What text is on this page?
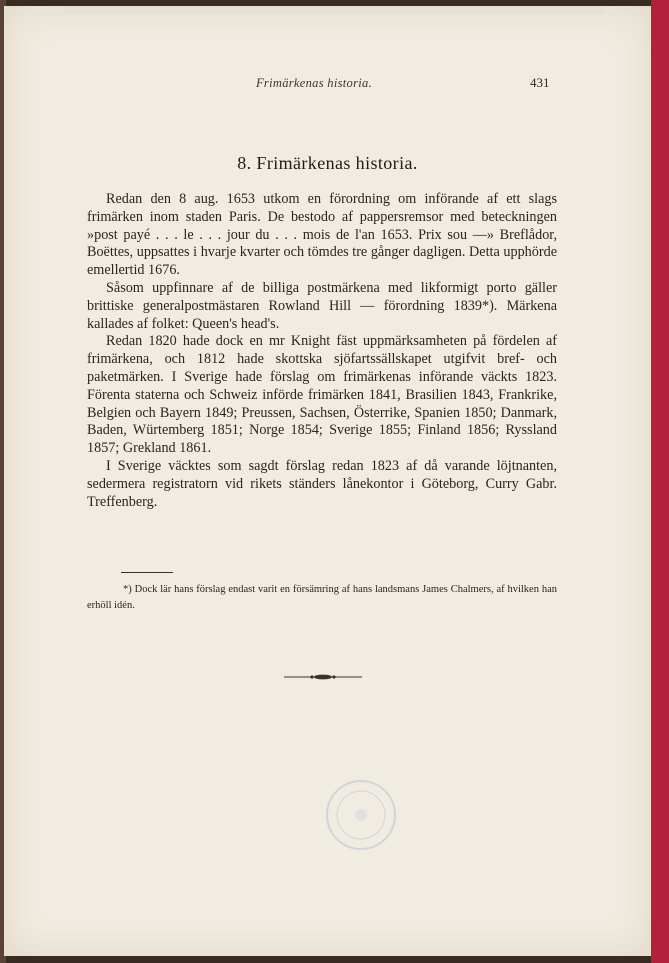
Frimärkenas historia.	431
8. Frimärkenas historia.

Redan den 8 aug. 1653 utkom en förordning om införande af ett slags frimärken inom staden Paris. De bestodo af pappersremsor med beteckningen »post payé . . . le . . . jour du . . . mois de l'an 1653. Prix sou —» Breflådor, Boëttes, uppsattes i hvarje kvarter och tömdes tre gånger dagligen. Detta upphörde emellertid 1676.

Såsom uppfinnare af de billiga postmärkena med likformigt porto gäller brittiske generalpostmästaren Rowland Hill — förordning 1839*). Märkena kallades af folket: Queen's head's.

Redan 1820 hade dock en mr Knight fäst uppmärksamheten på fördelen af frimärkena, och 1812 hade skottska sjöfartssällskapet utgifvit bref- och paketmärken. I Sverige hade förslag om frimärkenas införande väckts 1823. Förenta staterna och Schweiz införde frimärken 1841, Brasilien 1843, Frankrike, Belgien och Bayern 1849; Preussen, Sachsen, Österrike, Spanien 1850; Danmark, Baden, Würtemberg 1851; Norge 1854; Sverige 1855; Finland 1856; Ryssland 1857; Grekland 1861.

I Sverige väcktes som sagdt förslag redan 1823 af då varande löjtnanten, sedermera registratorn vid rikets ständers lånekontor i Göteborg, Curry Gabr. Treffenberg.

*) Dock lär hans förslag endast varit en försämring af hans landsmans James Chalmers, af hvilken han erhöll idén.
